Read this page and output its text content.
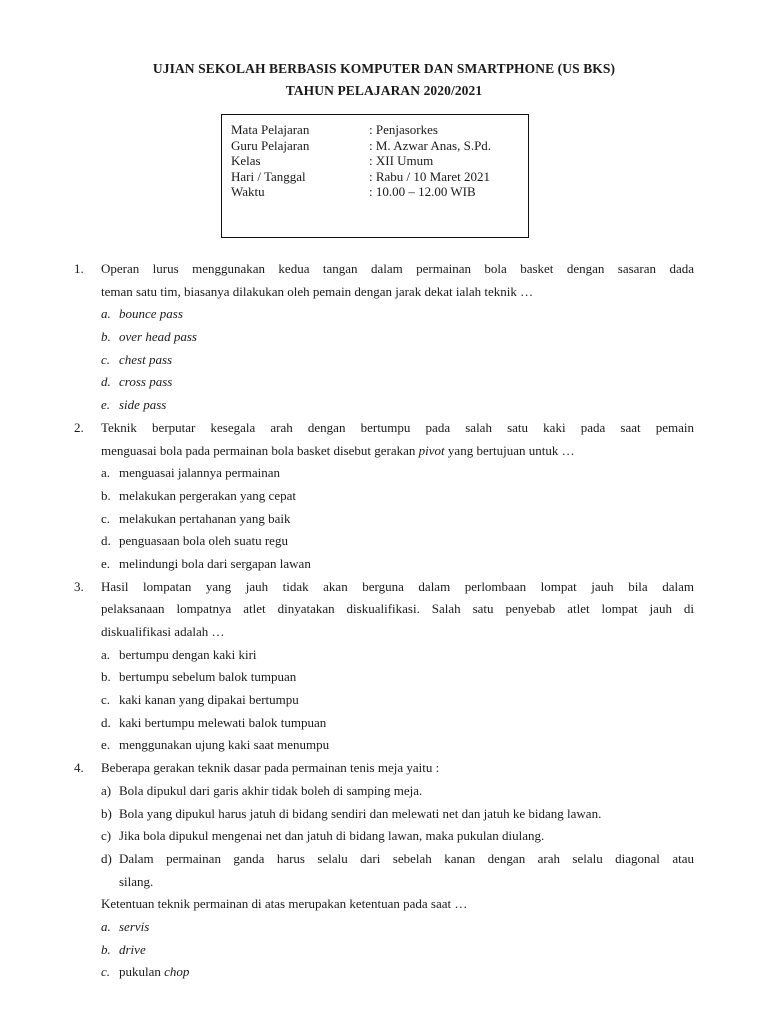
UJIAN SEKOLAH BERBASIS KOMPUTER DAN SMARTPHONE (US BKS)
TAHUN PELAJARAN 2020/2021
Mata Pelajaran	: Penjasorkes
Guru Pelajaran	: M. Azwar Anas, S.Pd.
Kelas	: XII Umum
Hari / Tanggal	: Rabu / 10 Maret 2021
Waktu	: 10.00 – 12.00 WIB
1. Operan lurus menggunakan kedua tangan dalam permainan bola basket dengan sasaran dada
teman satu tim, biasanya dilakukan oleh pemain dengan jarak dekat ialah teknik …
a. bounce pass
b. over head pass
c. chest pass
d. cross pass
e. side pass
2. Teknik berputar kesegala arah dengan bertumpu pada salah satu kaki pada saat pemain
menguasai bola pada permainan bola basket disebut gerakan pivot yang bertujuan untuk …
a. menguasai jalannya permainan
b. melakukan pergerakan yang cepat
c. melakukan pertahanan yang baik
d. penguasaan bola oleh suatu regu
e. melindungi bola dari sergapan lawan
3. Hasil lompatan yang jauh tidak akan berguna dalam perlombaan lompat jauh bila dalam
pelaksanaan lompatnya atlet dinyatakan diskualifikasi. Salah satu penyebab atlet lompat jauh di
diskualifikasi adalah …
a. bertumpu dengan kaki kiri
b. bertumpu sebelum balok tumpuan
c. kaki kanan yang dipakai bertumpu
d. kaki bertumpu melewati balok tumpuan
e. menggunakan ujung kaki saat menumpu
4. Beberapa gerakan teknik dasar pada permainan tenis meja yaitu :
a) Bola dipukul dari garis akhir tidak boleh di samping meja.
b) Bola yang dipukul harus jatuh di bidang sendiri dan melewati net dan jatuh ke bidang lawan.
c) Jika bola dipukul mengenai net dan jatuh di bidang lawan, maka pukulan diulang.
d) Dalam permainan ganda harus selalu dari sebelah kanan dengan arah selalu diagonal atau
silang.
Ketentuan teknik permainan di atas merupakan ketentuan pada saat …
a. servis
b. drive
c. pukulan chop
